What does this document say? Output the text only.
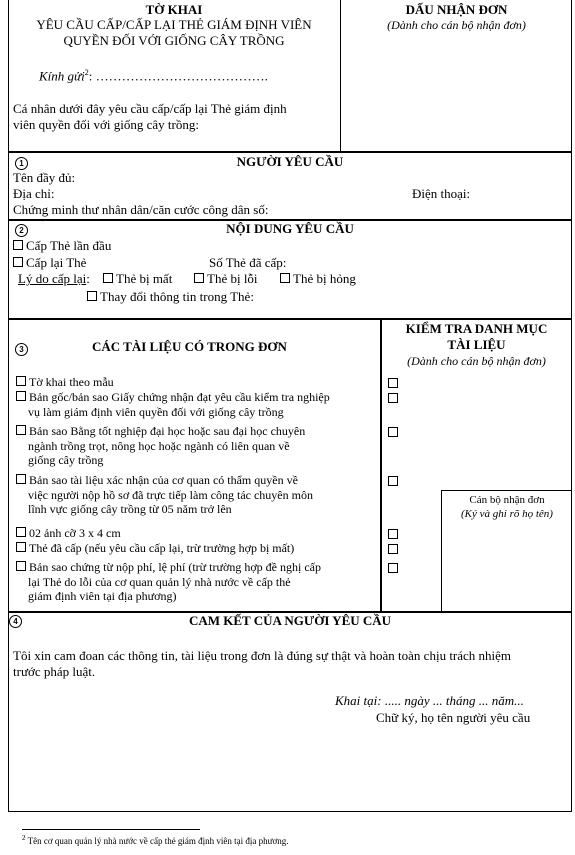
TỜ KHAI
YÊU CẦU CẤP/CẤP LẠI THẺ GIÁM ĐỊNH VIÊN
QUYỀN ĐỐI VỚI GIỐNG CÂY TRỒNG
Kính gửi$^2$: ………………………………….
Cá nhân dưới đây yêu cầu cấp/cấp lại Thẻ giám định
viên quyền đối với giống cây trồng:
DẤU NHẬN ĐƠN
(Dành cho cán bộ nhận đơn)
1	NGƯỜI YÊU CẦU
Tên đầy đủ:
Địa chỉ:	Điện thoại:
Chứng minh thư nhân dân/căn cước công dân số:
2	NỘI DUNG YÊU CẦU
Cấp Thẻ lần đầu
Cấp lại Thẻ	Số Thẻ đã cấp:
Lý do cấp lại:	Thẻ bị mất	Thẻ bị lỗi	Thẻ bị hỏng
Thay đổi thông tin trong Thẻ:
3	CÁC TÀI LIỆU CÓ TRONG ĐƠN
KIỂM TRA DANH MỤC
TÀI LIỆU
(Dành cho cán bộ nhận đơn)
Tờ khai theo mẫu
Bản gốc/bản sao Giấy chứng nhận đạt yêu cầu kiểm tra nghiệp
vụ làm giám định viên quyền đối với giống cây trồng
Bản sao Bằng tốt nghiệp đại học hoặc sau đại học chuyên
ngành trồng trọt, nông học hoặc ngành có liên quan về
giống cây trồng
Bản sao tài liệu xác nhận của cơ quan có thẩm quyền về
việc người nộp hồ sơ đã trực tiếp làm công tác chuyên môn
lĩnh vực giống cây trồng từ 05 năm trở lên
02 ảnh cỡ 3 x 4 cm
Thẻ đã cấp (nếu yêu cầu cấp lại, trừ trường hợp bị mất)
Bản sao chứng từ nộp phí, lệ phí (trừ trường hợp đề nghị cấp
lại Thẻ do lỗi của cơ quan quản lý nhà nước về cấp thẻ
giám định viên tại địa phương)
Cán bộ nhận đơn
(Ký và ghi rõ họ tên)
4	CAM KẾT CỦA NGƯỜI YÊU CẦU
Tôi xin cam đoan các thông tin, tài liệu trong đơn là đúng sự thật và hoàn toàn chịu trách nhiệm
trước pháp luật.
Khai tại: ..... ngày ... tháng ... năm...
Chữ ký, họ tên người yêu cầu
$^2$ Tên cơ quan quản lý nhà nước về cấp thẻ giám định viên tại địa phương.
